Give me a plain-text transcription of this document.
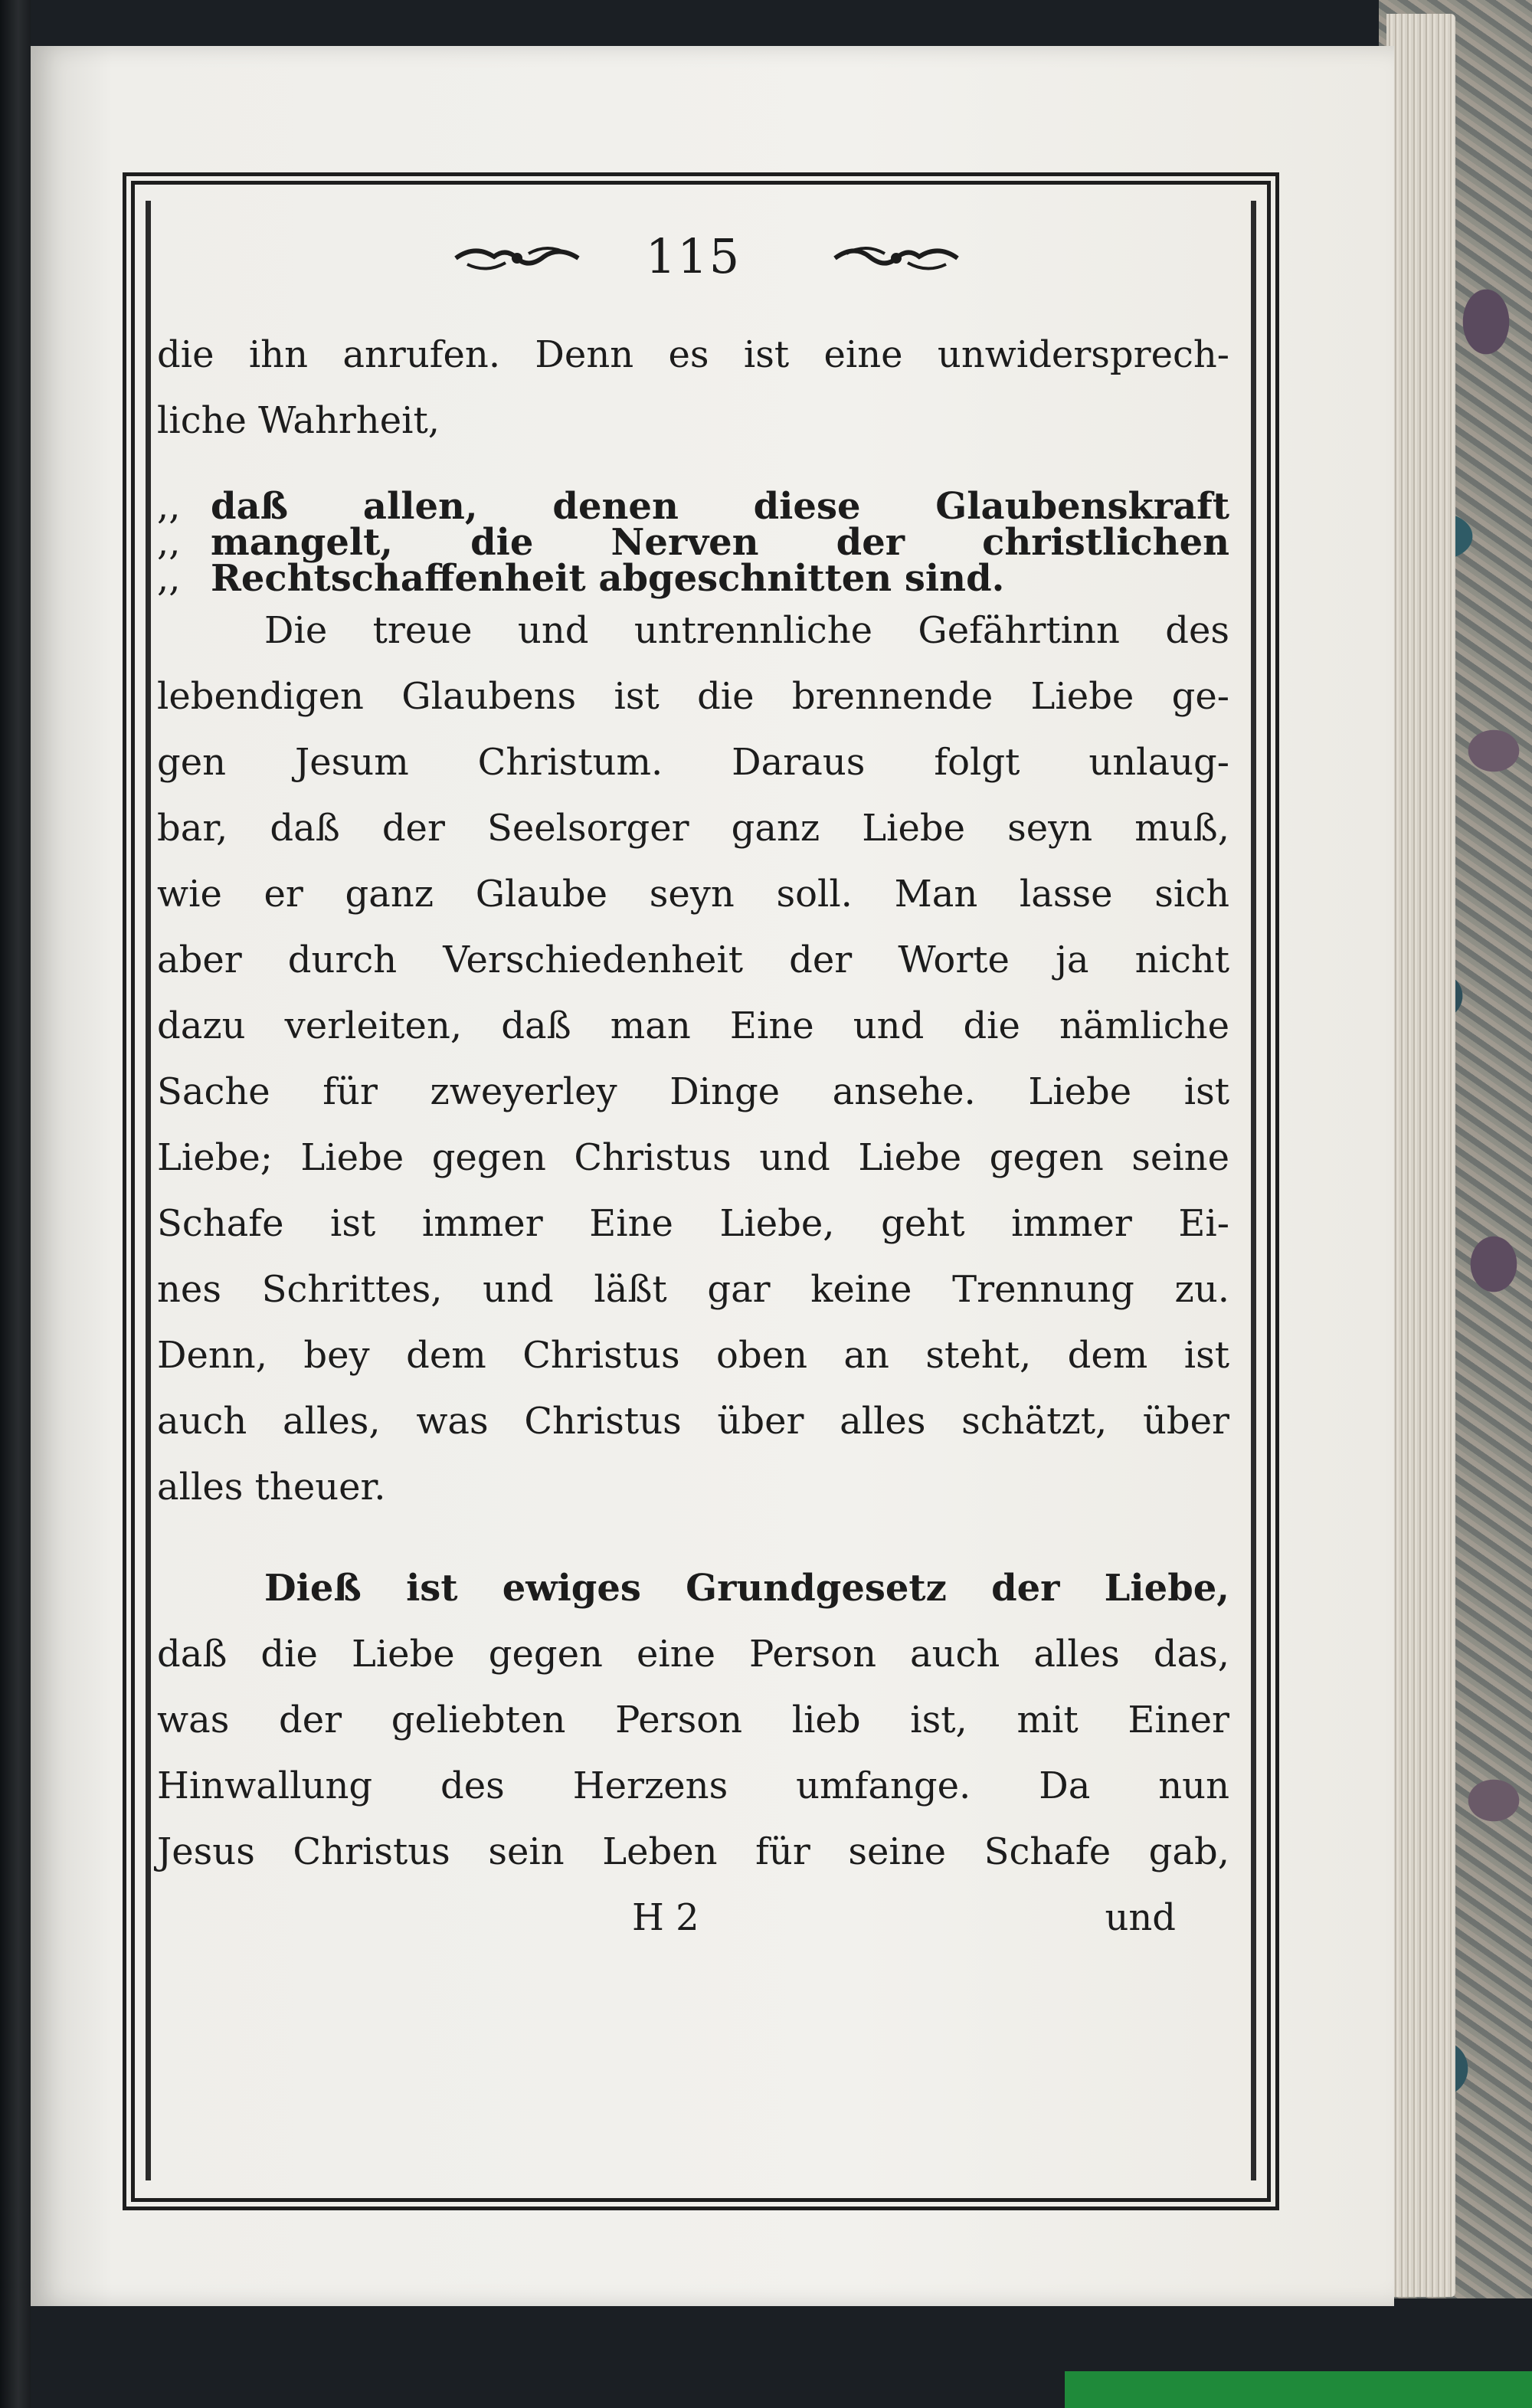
115
die ihn anrufen. Denn es ist eine unwidersprech-
liche Wahrheit,
,, daß allen, denen diese Glaubenskraft
,, mangelt, die Nerven der christlichen
,, Rechtschaffenheit abgeschnitten sind.
Die treue und untrennliche Gefährtinn des
lebendigen Glaubens ist die brennende Liebe ge-
gen Jesum Christum. Daraus folgt unlaug-
bar, daß der Seelsorger ganz Liebe seyn muß,
wie er ganz Glaube seyn soll. Man lasse sich
aber durch Verschiedenheit der Worte ja nicht
dazu verleiten, daß man Eine und die nämliche
Sache für zweyerley Dinge ansehe. Liebe ist
Liebe; Liebe gegen Christus und Liebe gegen seine
Schafe ist immer Eine Liebe, geht immer Ei-
nes Schrittes, und läßt gar keine Trennung zu.
Denn, bey dem Christus oben an steht, dem ist
auch alles, was Christus über alles schätzt, über
alles theuer.
Dieß ist ewiges Grundgesetz der Liebe,
daß die Liebe gegen eine Person auch alles das,
was der geliebten Person lieb ist, mit Einer
Hinwallung des Herzens umfange. Da nun
Jesus Christus sein Leben für seine Schafe gab,
H 2	und
